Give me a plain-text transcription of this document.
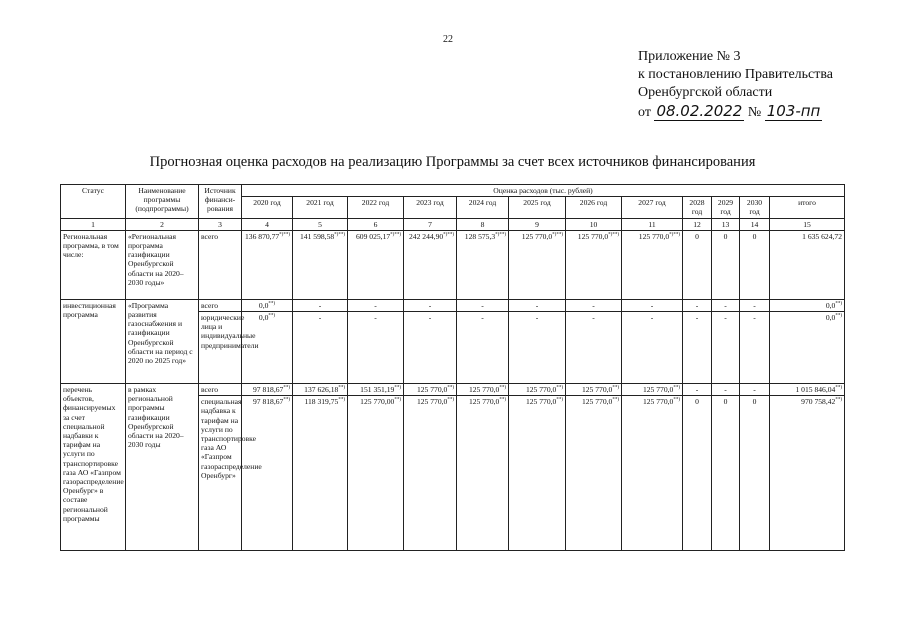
22
Приложение № 3
к постановлению Правительства
Оренбургской области
от 08.02.2022 № 103-пп
Прогнозная оценка расходов на реализацию Программы за счет всех источников финансирования
Статус	Наименование программы (подпрограммы)	Источник финанси-рования	Оценка расходов (тыс. рублей)											
			2020 год	2021 год	2022 год	2023 год	2024 год	2025 год	2026 год	2027 год	2028 год	2029 год	2030 год	итого
1	2	3	4	5	6	7	8	9	10	11	12	13	14	15
Региональная программа, в том числе:	«Региональная программа газификации Оренбургской области на 2020–2030 годы»	всего	136 870,77*)**)	141 598,58*)**)	609 025,17*)**)	242 244,90*)**)	128 575,3*)**)	125 770,0*)**)	125 770,0*)**)	125 770,0*)**)	0	0	0	1 635 624,72
инвестиционная программа	«Программа развития газоснабжения и газификации Оренбургской области на период с 2020 по 2025 год»	всего	0,0**)	-	-	-	-	-	-	-	-	-	-	0,0**)
		юридические лица и индивидуальные предприниматели	0,0**)	-	-	-	-	-	-	-	-	-	-	0,0**)
перечень объектов, финансируемых за счет специальной надбавки к тарифам на услуги по транспортировке газа АО «Газпром газораспределение Оренбург» в составе региональной программы	в рамках региональной программы газификации Оренбургской области на 2020–2030 годы	всего	97 818,67**)	137 626,18**)	151 351,19**)	125 770,0**)	125 770,0**)	125 770,0**)	125 770,0**)	125 770,0**)	-	-	-	1 015 846,04**)
		специальная надбавка к тарифам на услуги по транспортировке газа АО «Газпром газораспределение Оренбург»	97 818,67**)	118 319,75**)	125 770,00**)	125 770,0**)	125 770,0**)	125 770,0**)	125 770,0**)	125 770,0**)	0	0	0	970 758,42**)
